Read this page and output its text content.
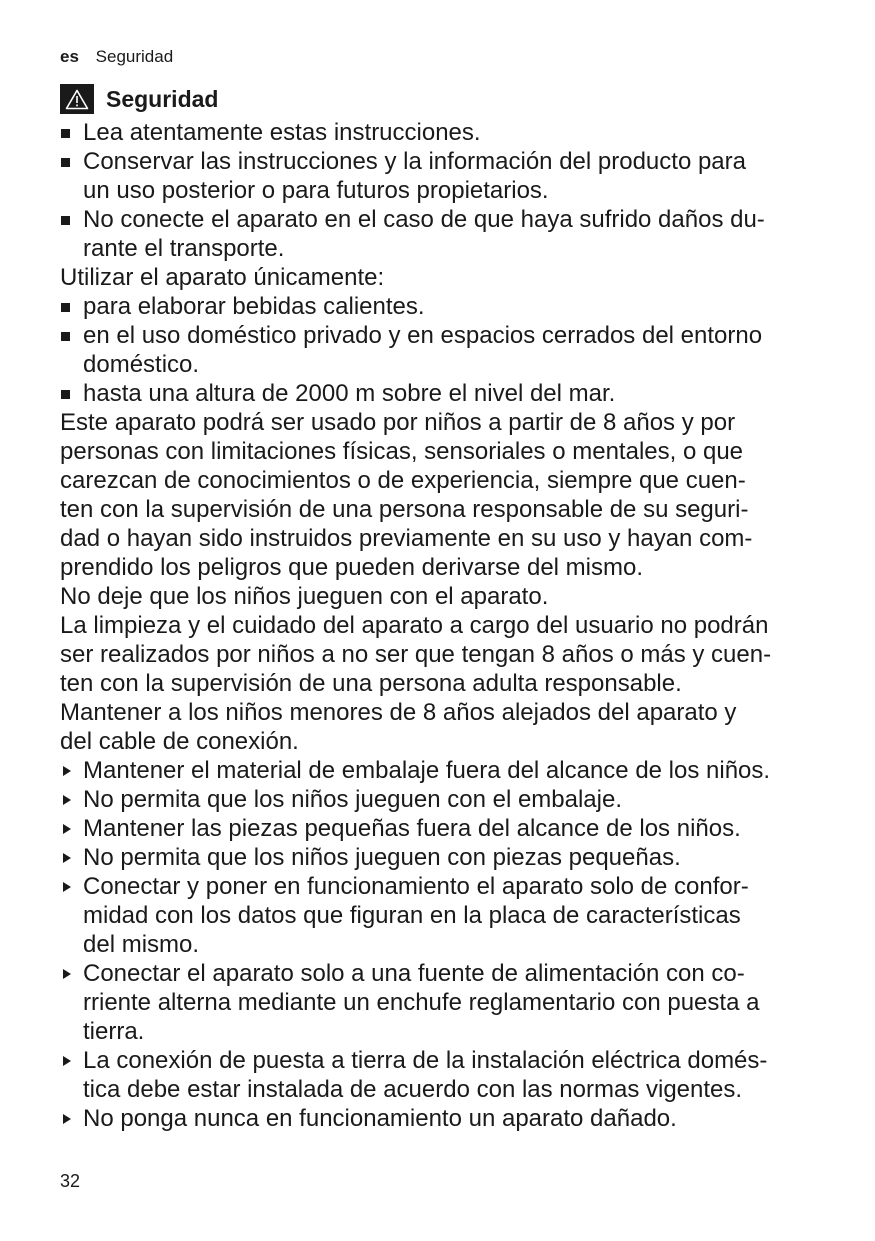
es Seguridad
Seguridad
Lea atentamente estas instrucciones.
Conservar las instrucciones y la información del producto para
un uso posterior o para futuros propietarios.
No conecte el aparato en el caso de que haya sufrido daños du-
rante el transporte.

Utilizar el aparato únicamente:

para elaborar bebidas calientes.
en el uso doméstico privado y en espacios cerrados del entorno
doméstico.
hasta una altura de 2000 m sobre el nivel del mar.

Este aparato podrá ser usado por niños a partir de 8 años y por
personas con limitaciones físicas, sensoriales o mentales, o que
carezcan de conocimientos o de experiencia, siempre que cuen-
ten con la supervisión de una persona responsable de su seguri-
dad o hayan sido instruidos previamente en su uso y hayan com-
prendido los peligros que pueden derivarse del mismo.

No deje que los niños jueguen con el aparato.

La limpieza y el cuidado del aparato a cargo del usuario no podrán
ser realizados por niños a no ser que tengan 8 años o más y cuen-
ten con la supervisión de una persona adulta responsable.

Mantener a los niños menores de 8 años alejados del aparato y
del cable de conexión.

Mantener el material de embalaje fuera del alcance de los niños.
No permita que los niños jueguen con el embalaje.
Mantener las piezas pequeñas fuera del alcance de los niños.
No permita que los niños jueguen con piezas pequeñas.
Conectar y poner en funcionamiento el aparato solo de confor-
midad con los datos que figuran en la placa de características
del mismo.
Conectar el aparato solo a una fuente de alimentación con co-
rriente alterna mediante un enchufe reglamentario con puesta a
tierra.
La conexión de puesta a tierra de la instalación eléctrica domés-
tica debe estar instalada de acuerdo con las normas vigentes.
No ponga nunca en funcionamiento un aparato dañado.
32
